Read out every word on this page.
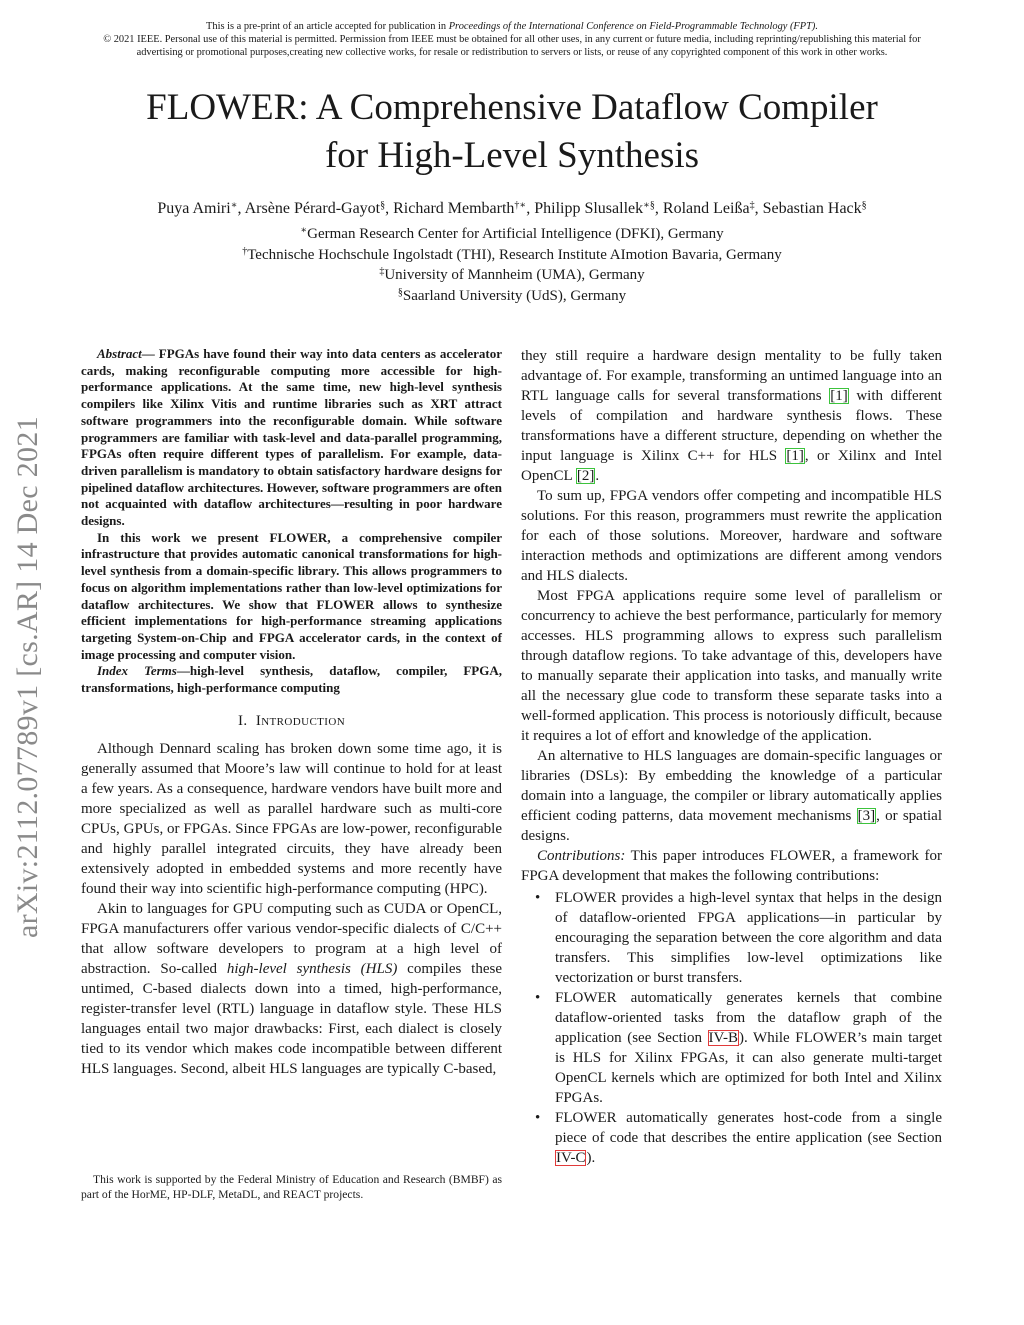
This is a pre-print of an article accepted for publication in Proceedings of the International Conference on Field-Programmable Technology (FPT).

© 2021 IEEE. Personal use of this material is permitted. Permission from IEEE must be obtained for all other uses, in any current or future media, including reprinting/republishing this material for advertising or promotional purposes,creating new collective works, for resale or redistribution to servers or lists, or reuse of any copyrighted component of this work in other works.

FLOWER: A Comprehensive Dataflow Compiler
for High-Level Synthesis
Puya Amiri∗, Arsène Pérard-Gayot§, Richard Membarth†∗, Philipp Slusallek∗§, Roland Leißa‡, Sebastian Hack§
∗German Research Center for Artificial Intelligence (DFKI), Germany
†Technische Hochschule Ingolstadt (THI), Research Institute AImotion Bavaria, Germany
‡University of Mannheim (UMA), Germany
§Saarland University (UdS), Germany
arXiv:2112.07789v1 [cs.AR] 14 Dec 2021

Abstract— FPGAs have found their way into data centers as accelerator cards, making reconfigurable computing more accessible for high-performance applications. At the same time, new high-level synthesis compilers like Xilinx Vitis and runtime libraries such as XRT attract software programmers into the reconfigurable domain. While software programmers are familiar with task-level and data-parallel programming, FPGAs often require different types of parallelism. For example, data-driven parallelism is mandatory to obtain satisfactory hardware designs for pipelined dataflow architectures. However, software programmers are often not acquainted with dataflow architectures—resulting in poor hardware designs.

In this work we present FLOWER, a comprehensive compiler infrastructure that provides automatic canonical transformations for high-level synthesis from a domain-specific library. This allows programmers to focus on algorithm implementations rather than low-level optimizations for dataflow architectures. We show that FLOWER allows to synthesize efficient implementations for high-performance streaming applications targeting System-on-Chip and FPGA accelerator cards, in the context of image processing and computer vision.

Index Terms—high-level synthesis, dataflow, compiler, FPGA, transformations, high-performance computing

I. Introduction

Although Dennard scaling has broken down some time ago, it is generally assumed that Moore’s law will continue to hold for at least a few years. As a consequence, hardware vendors have built more and more specialized as well as parallel hardware such as multi-core CPUs, GPUs, or FPGAs. Since FPGAs are low-power, reconfigurable and highly parallel integrated circuits, they have already been extensively adopted in embedded systems and more recently have found their way into scientific high-performance computing (HPC).

Akin to languages for GPU computing such as CUDA or OpenCL, FPGA manufacturers offer various vendor-specific dialects of C/C++ that allow software developers to program at a high level of abstraction. So-called high-level synthesis (HLS) compiles these untimed, C-based dialects down into a timed, high-performance, register-transfer level (RTL) language in dataflow style. These HLS languages entail two major drawbacks: First, each dialect is closely tied to its vendor which makes code incompatible between different HLS languages. Second, albeit HLS languages are typically C-based,

This work is supported by the Federal Ministry of Education and Research (BMBF) as part of the HorME, HP-DLF, MetaDL, and REACT projects.

they still require a hardware design mentality to be fully taken advantage of. For example, transforming an untimed language into an RTL language calls for several transformations [1] with different levels of compilation and hardware synthesis flows. These transformations have a different structure, depending on whether the input language is Xilinx C++ for HLS [1], or Xilinx and Intel OpenCL [2].

To sum up, FPGA vendors offer competing and incompatible HLS solutions. For this reason, programmers must rewrite the application for each of those solutions. Moreover, hardware and software interaction methods and optimizations are different among vendors and HLS dialects.

Most FPGA applications require some level of parallelism or concurrency to achieve the best performance, particularly for memory accesses. HLS programming allows to express such parallelism through dataflow regions. To take advantage of this, developers have to manually separate their application into tasks, and manually write all the necessary glue code to transform these separate tasks into a well-formed application. This process is notoriously difficult, because it requires a lot of effort and knowledge of the application.

An alternative to HLS languages are domain-specific languages or libraries (DSLs): By embedding the knowledge of a particular domain into a language, the compiler or library automatically applies efficient coding patterns, data movement mechanisms [3], or spatial designs.

Contributions: This paper introduces FLOWER, a framework for FPGA development that makes the following contributions:

• FLOWER provides a high-level syntax that helps in the design of dataflow-oriented FPGA applications—in particular by encouraging the separation between the core algorithm and data transfers. This simplifies low-level optimizations like vectorization or burst transfers.
• FLOWER automatically generates kernels that combine dataflow-oriented tasks from the dataflow graph of the application (see Section IV-B). While FLOWER’s main target is HLS for Xilinx FPGAs, it can also generate multi-target OpenCL kernels which are optimized for both Intel and Xilinx FPGAs.
• FLOWER automatically generates host-code from a single piece of code that describes the entire application (see Section IV-C).
